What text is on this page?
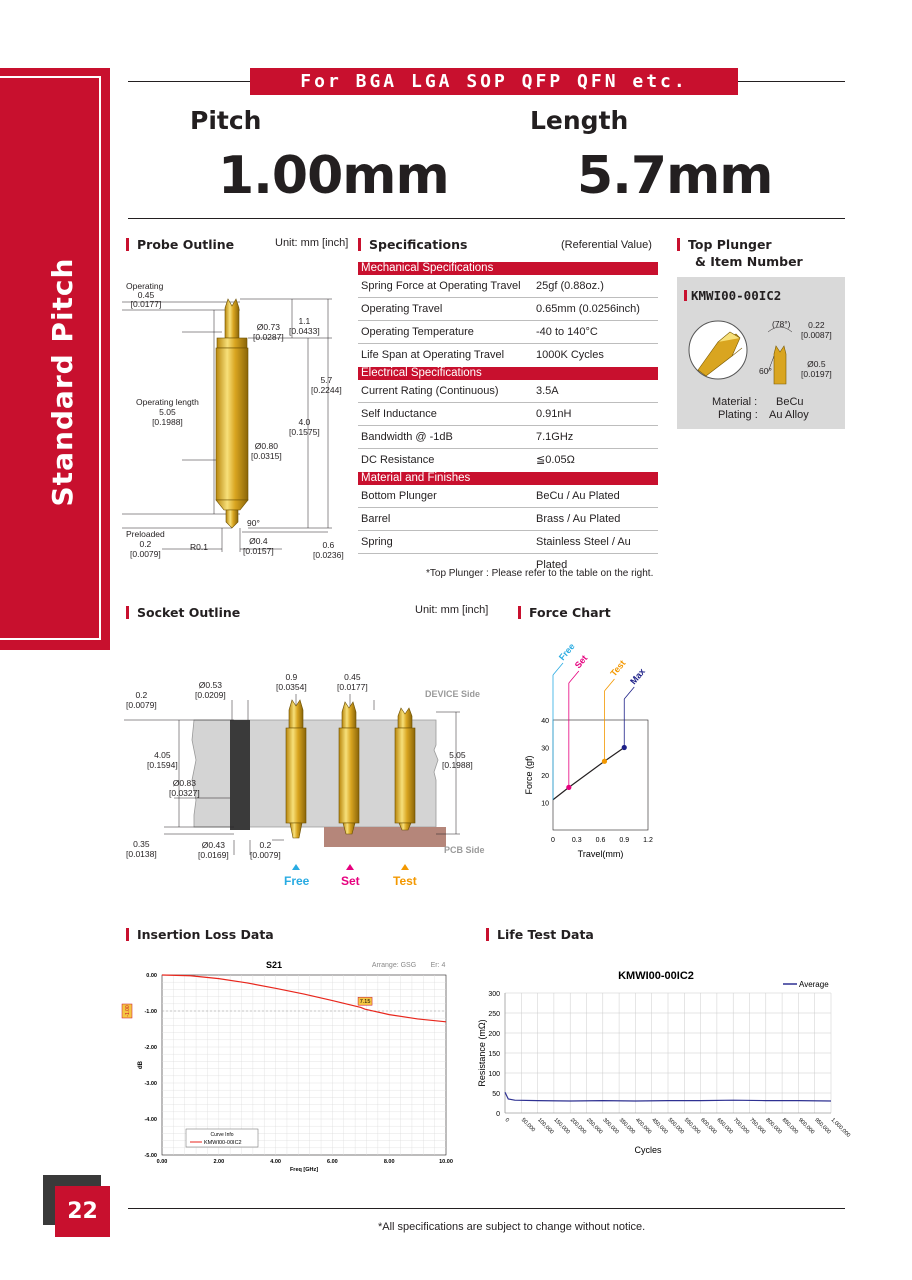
Standard Pitch
For BGA LGA SOP QFP QFN etc.
Pitch
1.00mm
Length
5.7mm
Probe Outline	Unit: mm [inch]
Operating
0.45
[0.0177]
Ø0.73
[0.0287]
1.1
[0.0433]
5.7
[0.2244]
Operating length
5.05
[0.1988]	4.0
[0.1575]
Ø0.80
[0.0315]
90°
Preloaded
0.2
[0.0079]
R0.1
Ø0.4
[0.0157]
0.6
[0.0236]
Specifications	(Referential Value)
Mechanical Specifications
Spring Force at Operating Travel 25gf (0.88oz.)
Operating Travel	0.65mm (0.0256inch)
Operating Temperature	-40 to 140°C
Life Span at Operating Travel	1000K Cycles
Electrical Specifications
Current Rating (Continuous)	3.5A
Self Inductance	0.91nH
Bandwidth @ -1dB	7.1GHz
DC Resistance	≦0.05Ω
Material and Finishes
Bottom Plunger	BeCu / Au Plated
Barrel	Brass / Au Plated
Spring	Stainless Steel / Au Plated
*Top Plunger : Please refer to the table on the right.
Top Plunger
& Item Number
KMWI00-00IC2
(78°)	0.22
[0.0087]
60°
Ø0.5
[0.0197]
Material : BeCu
Plating : Au Alloy
Socket Outline	Unit: mm [inch]
Ø0.53
[0.0209]
0.9
[0.0354]
0.45
[0.0177]
DEVICE Side
0.2
[0.0079]
4.05
[0.1594]
5.05
[0.1988]
Ø0.83
[0.0327]
0.35
[0.0138]
Ø0.43
[0.0169]
0.2
[0.0079]	PCB Side
Free	Set	Test
Force Chart
10
20
30
40
0 0.3 0.6 0.9 1.2
Travel(mm)
Force (gf)
Free
Set Test Max
Insertion Loss Data
S21	Arrange: GSG Er: 4
0.00
-1.00
-2.00
-3.00
-4.00
-5.00
0.00	2.00	4.00	6.00	8.00	10.00
Freq [GHz]
dB
-1.00
7.15
Curve Info
KMWI00-00IC2
Life Test Data
KMWI00-00IC2
Average
0
50
100
150
200
250
300
0 50,000 100,000
150,000
200,000
250,000
300,000
350,000
400,000
450,000
500,000
550,000
600,000
650,000
700,000
750,000
800,000
850,000
900,000
950,000
1,000,000
Cycles
Resistance (mΩ)
22
*All specifications are subject to change without notice.
